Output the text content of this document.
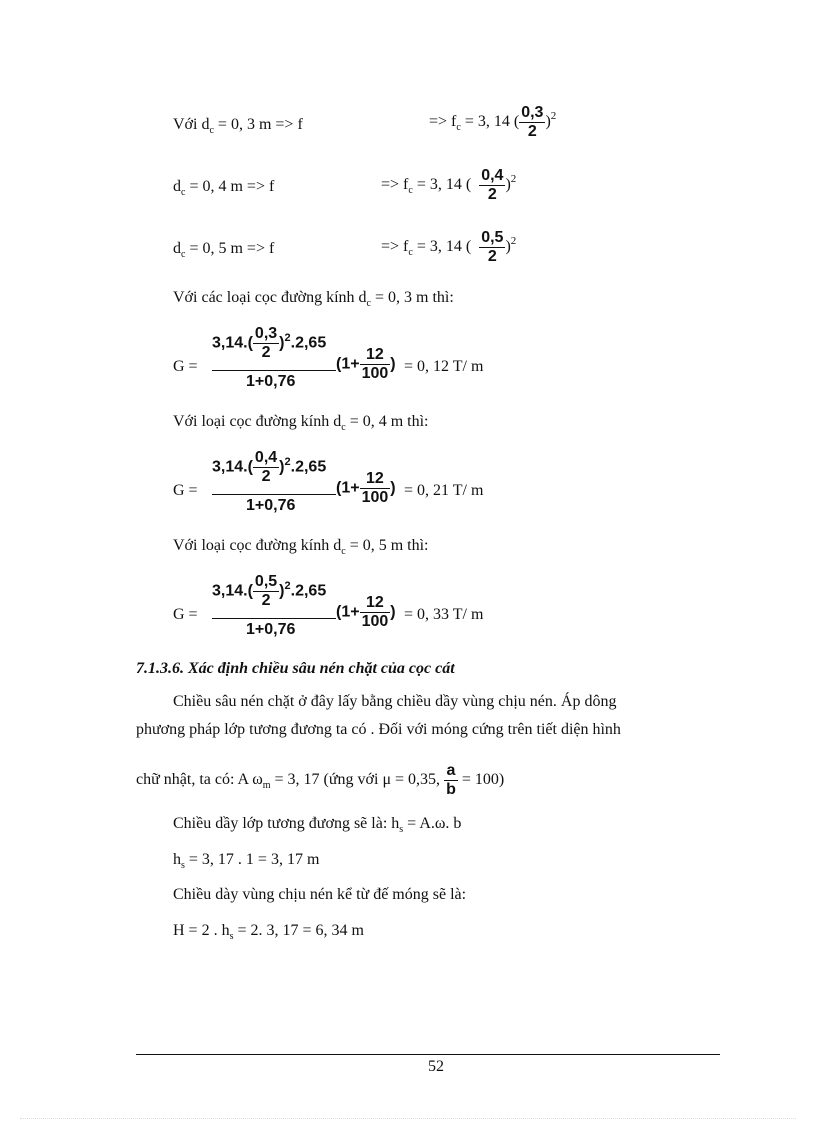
Với $d_c = 0$, 3 m => f	=> $f_c = 3$, 14 ( $\frac{0,3}{2} )^2$
$d_c = 0$, 4 m => f	=> $f_c = 3$, 14 ( $\frac{0,4}{2} )^2$
$d_c = 0$, 5 m => f	=> $f_c = 3$, 14 ( $\frac{0,5}{2} )^2$
Với các loại cọc đường kính $d_c = 0$, 3 m thì:
G =
$3,14.( \frac{0,3}{2} )^2.2,65$
1+0,76
($1+ \frac{12}{100}$ ) = 0, 12 T/ m
Với loại cọc đường kính $d_c = 0$, 4 m thì:
G =
$3,14.( \frac{0,4}{2} )^2.2,65$
1+0,76
($1+ \frac{12}{100}$ ) = 0, 21 T/ m
Với loại cọc đường kính $d_c = 0$, 5 m thì:
G =
$3,14.( \frac{0,5}{2} )^2.2,65$
1+0,76
($1+ \frac{12}{100}$ ) = 0, 33 T/ m
7.1.3.6. Xác định chiều sâu nén chặt của cọc cát
Chiều sâu nén chặt ở đây lấy bằng chiều dầy vùng chịu nén. Áp dông
phương pháp lớp tương đương ta có . Đối với móng cứng trên tiết diện hình
chữ nhật, ta có: A $\omega_m = 3$, 17 (ứng với μ = 0,35, $\frac{a}{b} = 100$)
Chiều dầy lớp tương đương sẽ là: $h_s = A.\omega$. b
$h_s = 3$, 17 . 1 = 3, 17 m
Chiều dày vùng chịu nén kể từ đế móng sẽ là:
H = 2 . $h_s = 2$. 3, 17 = 6, 34 m
52
